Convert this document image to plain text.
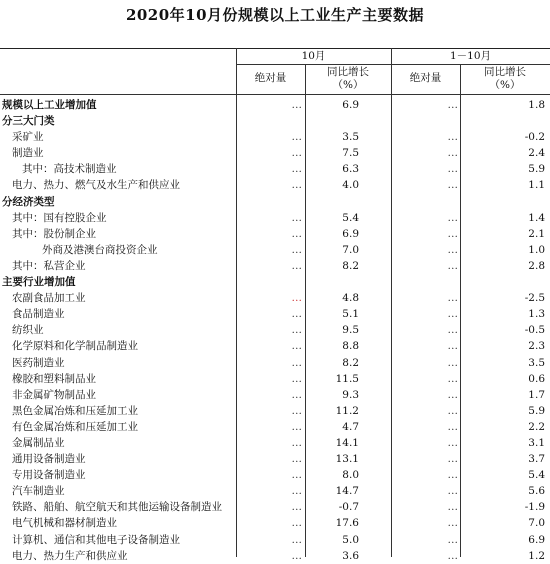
2020年10月份规模以上工业生产主要数据
10月	1－10月
绝对量	同比增长
（%）
绝对量	同比增长
（%）
规模以上工业增加值	…	6.9	…	1.8
分三大门类
采矿业	…	3.5	…	-0.2
制造业	…	7.5	…	2.4
其中：高技术制造业	…	6.3	…	5.9
电力、热力、燃气及水生产和供应业	…	4.0	…	1.1
分经济类型
其中：国有控股企业	…	5.4	…	1.4
其中：股份制企业	…	6.9	…	2.1
外商及港澳台商投资企业	…	7.0	…	1.0
其中：私营企业	…	8.2	…	2.8
主要行业增加值
农副食品加工业	…	4.8	…	-2.5
食品制造业	…	5.1	…	1.3
纺织业	…	9.5	…	-0.5
化学原料和化学制品制造业	…	8.8	…	2.3
医药制造业	…	8.2	…	3.5
橡胶和塑料制品业	…	11.5	…	0.6
非金属矿物制品业	…	9.3	…	1.7
黑色金属冶炼和压延加工业	…	11.2	…	5.9
有色金属冶炼和压延加工业	…	4.7	…	2.2
金属制品业	…	14.1	…	3.1
通用设备制造业	…	13.1	…	3.7
专用设备制造业	…	8.0	…	5.4
汽车制造业	…	14.7	…	5.6
铁路、船舶、航空航天和其他运输设备制造业	…	-0.7	…	-1.9
电气机械和器材制造业	…	17.6	…	7.0
计算机、通信和其他电子设备制造业	…	5.0	…	6.9
电力、热力生产和供应业	…	3.6	…	1.2
